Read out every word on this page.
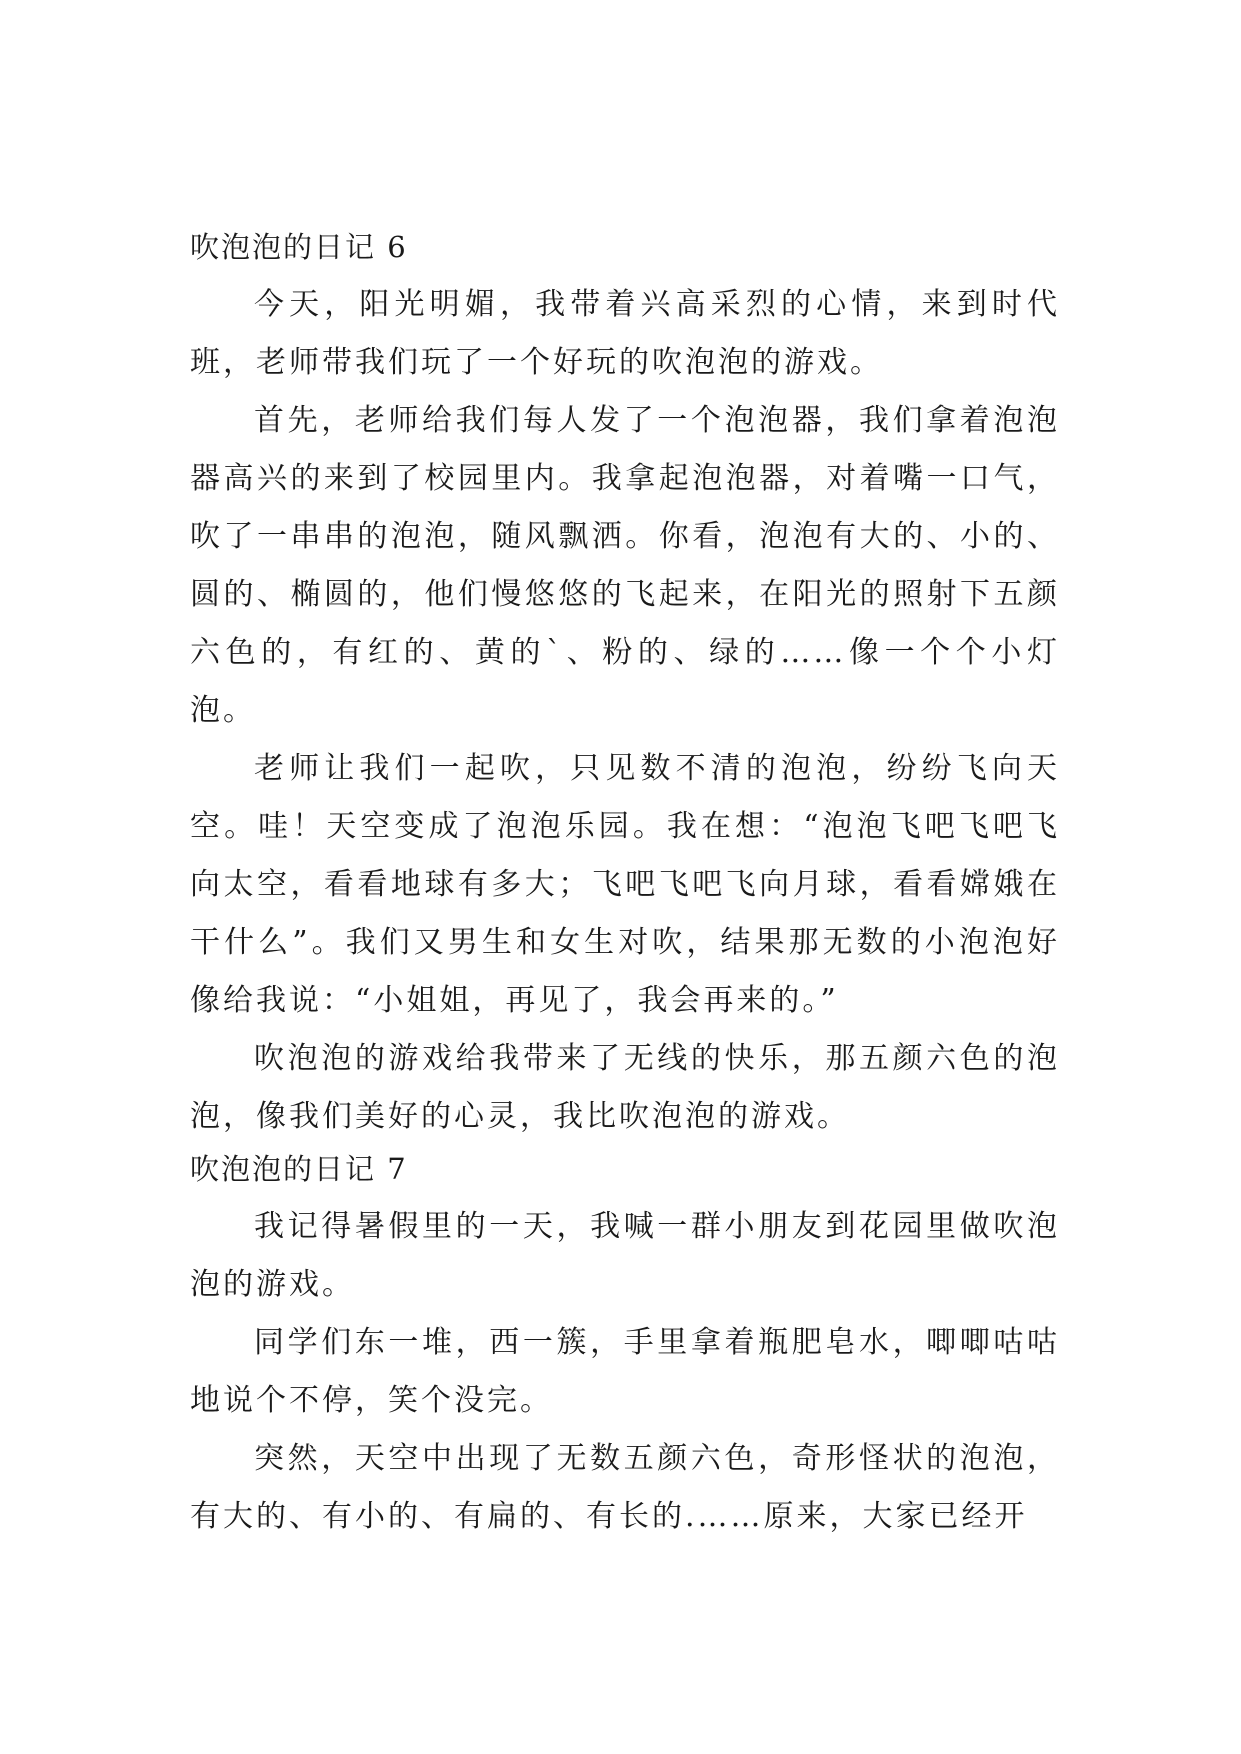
吹泡泡的日记 6

今天，阳光明媚，我带着兴高采烈的心情，来到时代班，老师带我们玩了一个好玩的吹泡泡的游戏。

首先，老师给我们每人发了一个泡泡器，我们拿着泡泡器高兴的来到了校园里内。我拿起泡泡器，对着嘴一口气，吹了一串串的泡泡，随风飘洒。你看，泡泡有大的、小的、圆的、椭圆的，他们慢悠悠的飞起来，在阳光的照射下五颜六色的，有红的、黄的`、粉的、绿的……像一个个小灯泡。

老师让我们一起吹，只见数不清的泡泡，纷纷飞向天空。哇！天空变成了泡泡乐园。我在想：“泡泡飞吧飞吧飞向太空，看看地球有多大；飞吧飞吧飞向月球，看看嫦娥在干什么”。我们又男生和女生对吹，结果那无数的小泡泡好像给我说：“小姐姐，再见了，我会再来的。”

吹泡泡的游戏给我带来了无线的快乐，那五颜六色的泡泡，像我们美好的心灵，我比吹泡泡的游戏。

吹泡泡的日记 7

我记得暑假里的一天，我喊一群小朋友到花园里做吹泡泡的游戏。

同学们东一堆，西一簇，手里拿着瓶肥皂水，唧唧咕咕地说个不停，笑个没完。

突然，天空中出现了无数五颜六色，奇形怪状的泡泡，有大的、有小的、有扁的、有长的.……原来，大家已经开
